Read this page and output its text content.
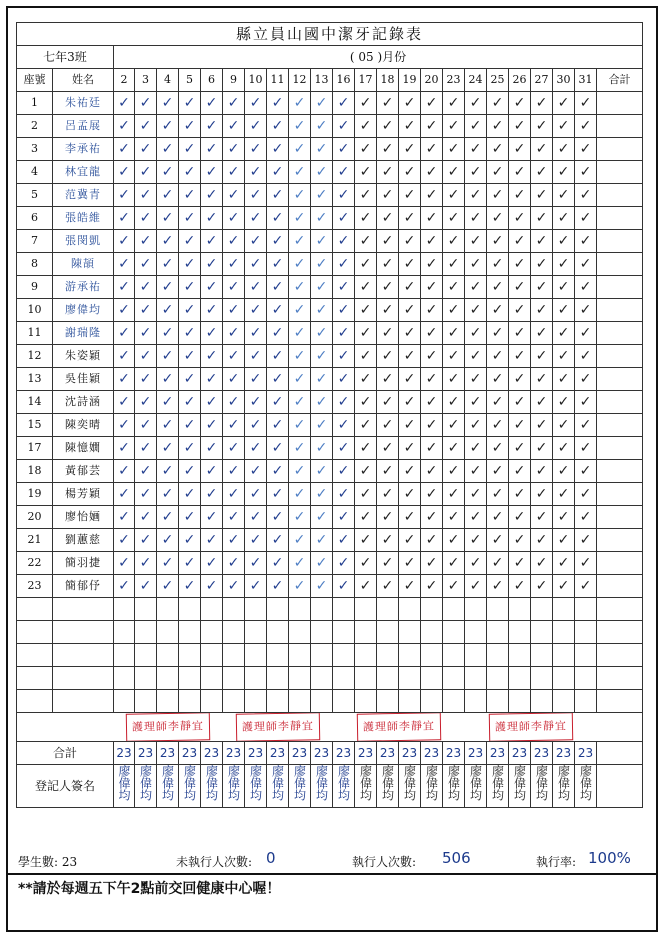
縣立員山國中潔牙記錄表																								
七年3班		( 05 )月份																						
座號	姓名	2	3	4	5	6	9	10	11	12	13	16	17	18	19	20	23	24	25	26	27	30	31	合計
1	朱祐廷	✓	✓	✓	✓	✓	✓	✓	✓	✓	✓	✓	✓	✓	✓	✓	✓	✓	✓	✓	✓	✓	✓	
2	呂孟展	✓	✓	✓	✓	✓	✓	✓	✓	✓	✓	✓	✓	✓	✓	✓	✓	✓	✓	✓	✓	✓	✓	
3	李承祐	✓	✓	✓	✓	✓	✓	✓	✓	✓	✓	✓	✓	✓	✓	✓	✓	✓	✓	✓	✓	✓	✓	
4	林宜龍	✓	✓	✓	✓	✓	✓	✓	✓	✓	✓	✓	✓	✓	✓	✓	✓	✓	✓	✓	✓	✓	✓	
5	范冀青	✓	✓	✓	✓	✓	✓	✓	✓	✓	✓	✓	✓	✓	✓	✓	✓	✓	✓	✓	✓	✓	✓	
6	張皓維	✓	✓	✓	✓	✓	✓	✓	✓	✓	✓	✓	✓	✓	✓	✓	✓	✓	✓	✓	✓	✓	✓	
7	張閔凱	✓	✓	✓	✓	✓	✓	✓	✓	✓	✓	✓	✓	✓	✓	✓	✓	✓	✓	✓	✓	✓	✓	
8	陳頡	✓	✓	✓	✓	✓	✓	✓	✓	✓	✓	✓	✓	✓	✓	✓	✓	✓	✓	✓	✓	✓	✓	
9	游承祐	✓	✓	✓	✓	✓	✓	✓	✓	✓	✓	✓	✓	✓	✓	✓	✓	✓	✓	✓	✓	✓	✓	
10	廖偉均	✓	✓	✓	✓	✓	✓	✓	✓	✓	✓	✓	✓	✓	✓	✓	✓	✓	✓	✓	✓	✓	✓	
11	謝瑞隆	✓	✓	✓	✓	✓	✓	✓	✓	✓	✓	✓	✓	✓	✓	✓	✓	✓	✓	✓	✓	✓	✓	
12	朱姿穎	✓	✓	✓	✓	✓	✓	✓	✓	✓	✓	✓	✓	✓	✓	✓	✓	✓	✓	✓	✓	✓	✓	
13	吳佳穎	✓	✓	✓	✓	✓	✓	✓	✓	✓	✓	✓	✓	✓	✓	✓	✓	✓	✓	✓	✓	✓	✓	
14	沈詩涵	✓	✓	✓	✓	✓	✓	✓	✓	✓	✓	✓	✓	✓	✓	✓	✓	✓	✓	✓	✓	✓	✓	
15	陳奕晴	✓	✓	✓	✓	✓	✓	✓	✓	✓	✓	✓	✓	✓	✓	✓	✓	✓	✓	✓	✓	✓	✓	
17	陳憶嫺	✓	✓	✓	✓	✓	✓	✓	✓	✓	✓	✓	✓	✓	✓	✓	✓	✓	✓	✓	✓	✓	✓	
18	黃郁芸	✓	✓	✓	✓	✓	✓	✓	✓	✓	✓	✓	✓	✓	✓	✓	✓	✓	✓	✓	✓	✓	✓	
19	楊芳穎	✓	✓	✓	✓	✓	✓	✓	✓	✓	✓	✓	✓	✓	✓	✓	✓	✓	✓	✓	✓	✓	✓	
20	廖怡婳	✓	✓	✓	✓	✓	✓	✓	✓	✓	✓	✓	✓	✓	✓	✓	✓	✓	✓	✓	✓	✓	✓	
21	劉蕙慈	✓	✓	✓	✓	✓	✓	✓	✓	✓	✓	✓	✓	✓	✓	✓	✓	✓	✓	✓	✓	✓	✓	
22	簡羽捷	✓	✓	✓	✓	✓	✓	✓	✓	✓	✓	✓	✓	✓	✓	✓	✓	✓	✓	✓	✓	✓	✓	
23	簡郁伃	✓	✓	✓	✓	✓	✓	✓	✓	✓	✓	✓	✓	✓	✓	✓	✓	✓	✓	✓	✓	✓	✓	

		護理師李靜宜					護理師李靜宜					護理師李靜宜						護理師李靜宜						
合計		23	23	23	23	23	23	23	23	23	23	23	23	23	23	23	23	23	23	23	23	23	23	

登記人簽名		廖偉均	廖偉均	廖偉均	廖偉均	廖偉均	廖偉均	廖偉均	廖偉均	廖偉均	廖偉均	廖偉均	廖偉均	廖偉均	廖偉均	廖偉均	廖偉均	廖偉均	廖偉均	廖偉均	廖偉均	廖偉均	廖偉均	
學生數: 23	未執行人次數: 0	執行人次數: 506	執行率: 100%
**請於每週五下午2點前交回健康中心喔！
